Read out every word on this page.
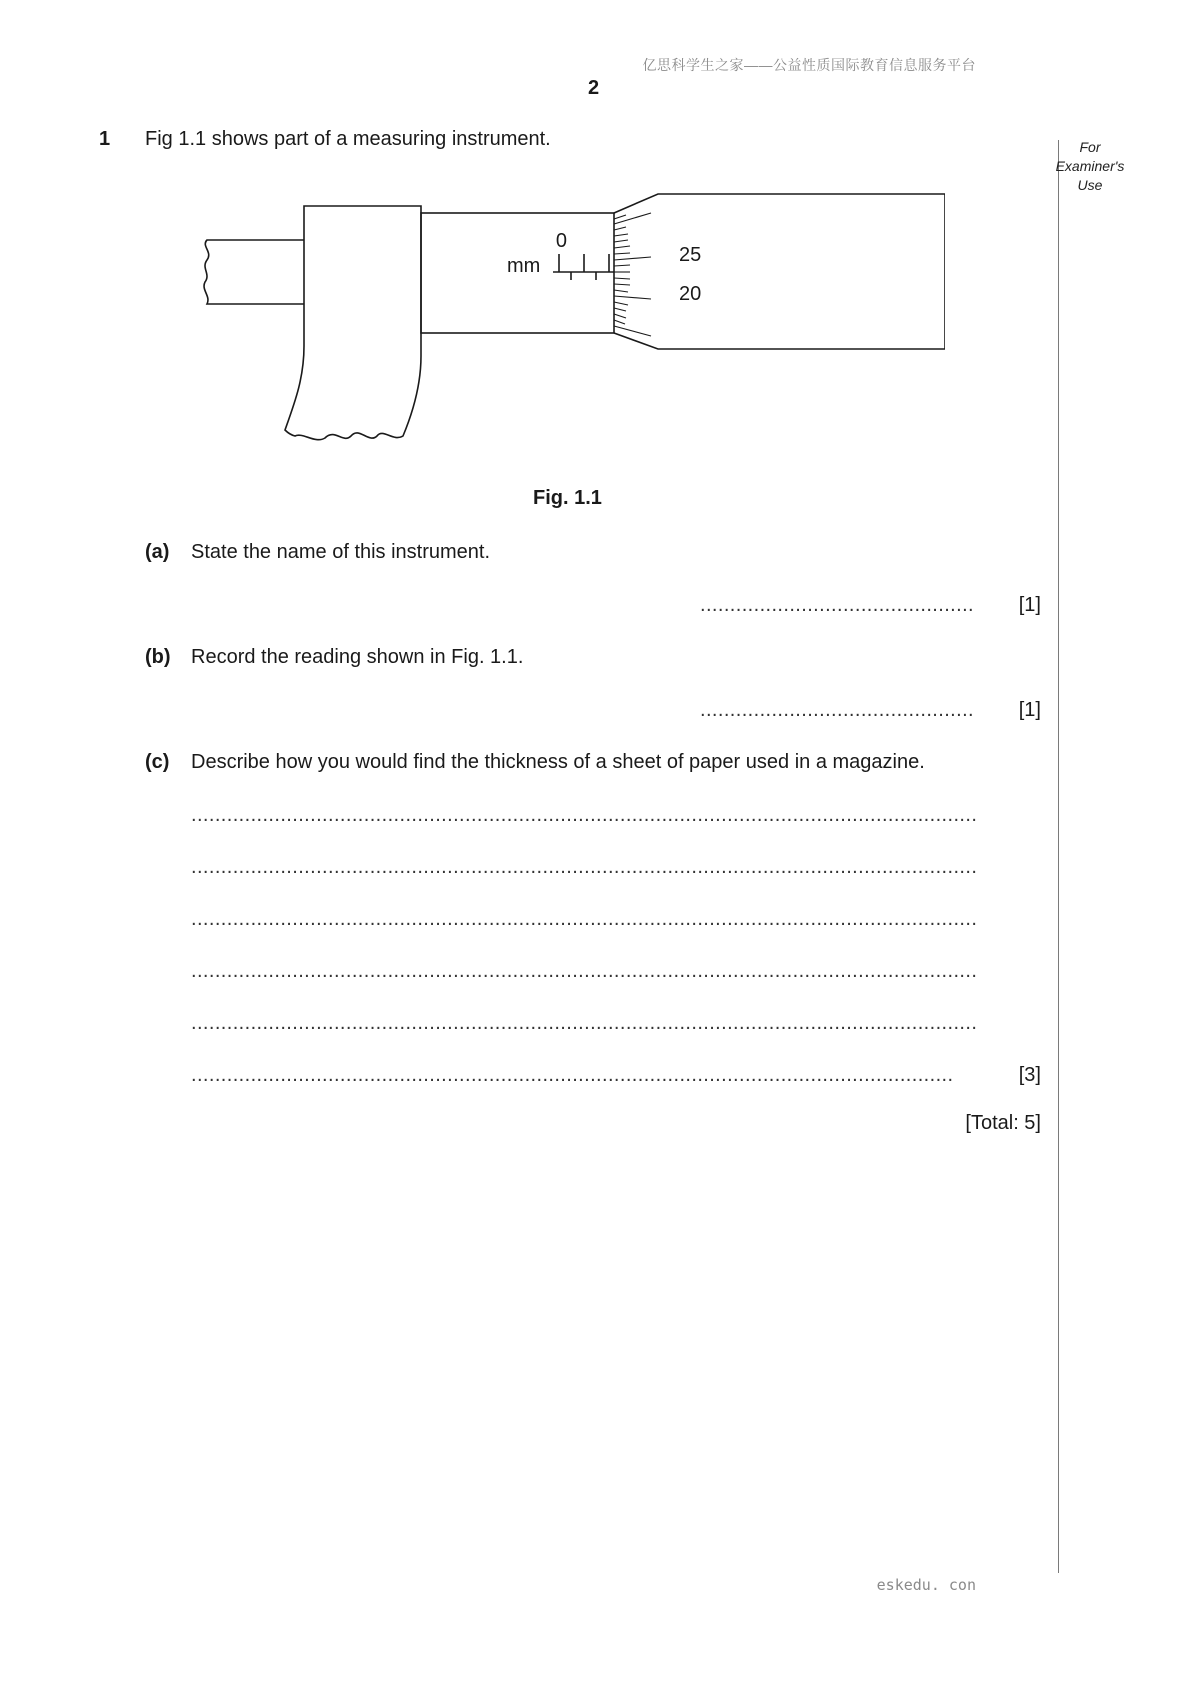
亿思科学生之家——公益性质国际教育信息服务平台
2
For Examiner's Use
1 Fig 1.1 shows part of a measuring instrument.
mm
0
25
20
Fig. 1.1
(a) State the name of this instrument.
.............................................. [1]
(b) Record the reading shown in Fig. 1.1.
.............................................. [1]
(c) Describe how you would find the thickness of a sheet of paper used in a magazine.
....................................................................................................................................
....................................................................................................................................
....................................................................................................................................
....................................................................................................................................
....................................................................................................................................
................................................................................................................................	[3]
[Total: 5]
eskedu. con
